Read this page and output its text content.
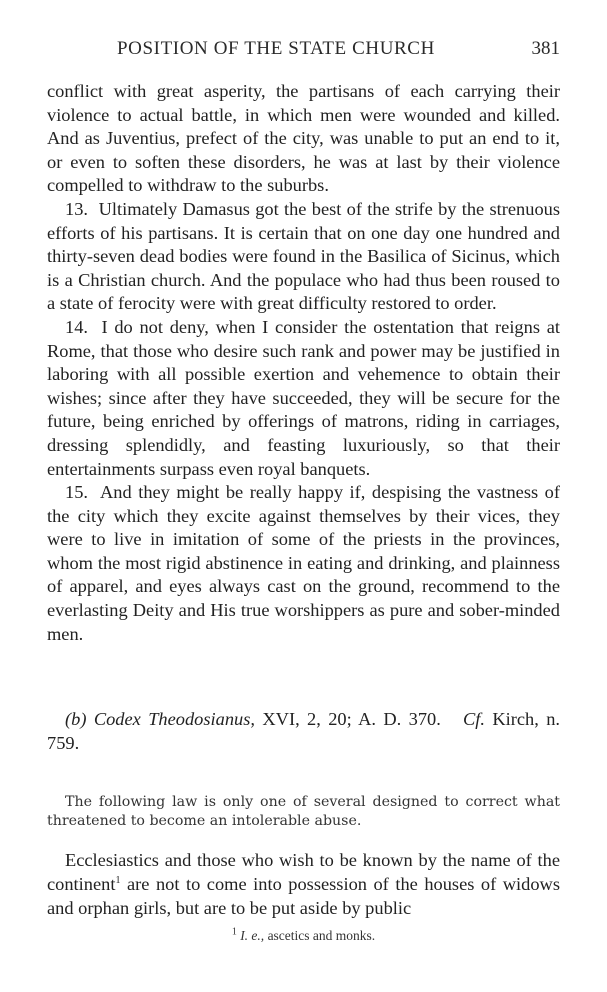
POSITION OF THE STATE CHURCH	381

conflict with great asperity, the partisans of each carrying their violence to actual battle, in which men were wounded and killed. And as Juventius, prefect of the city, was unable to put an end to it, or even to soften these disorders, he was at last by their violence compelled to withdraw to the suburbs.

13. Ultimately Damasus got the best of the strife by the strenuous efforts of his partisans. It is certain that on one day one hundred and thirty-seven dead bodies were found in the Basilica of Sicinus, which is a Christian church. And the populace who had thus been roused to a state of ferocity were with great difficulty restored to order.

14. I do not deny, when I consider the ostentation that reigns at Rome, that those who desire such rank and power may be justified in laboring with all possible exertion and vehemence to obtain their wishes; since after they have succeeded, they will be secure for the future, being enriched by offerings of matrons, riding in carriages, dressing splendidly, and feasting luxuriously, so that their entertainments surpass even royal banquets.

15. And they might be really happy if, despising the vastness of the city which they excite against themselves by their vices, they were to live in imitation of some of the priests in the provinces, whom the most rigid abstinence in eating and drinking, and plainness of apparel, and eyes always cast on the ground, recommend to the everlasting Deity and His true worshippers as pure and sober-minded men.

(b) Codex Theodosianus, XVI, 2, 20; A. D. 370. Cf. Kirch, n. 759.

The following law is only one of several designed to correct what threatened to become an intolerable abuse.

Ecclesiastics and those who wish to be known by the name of the continent$^1$ are not to come into possession of the houses of widows and orphan girls, but are to be put aside by public

$^1$ I. e., ascetics and monks.
